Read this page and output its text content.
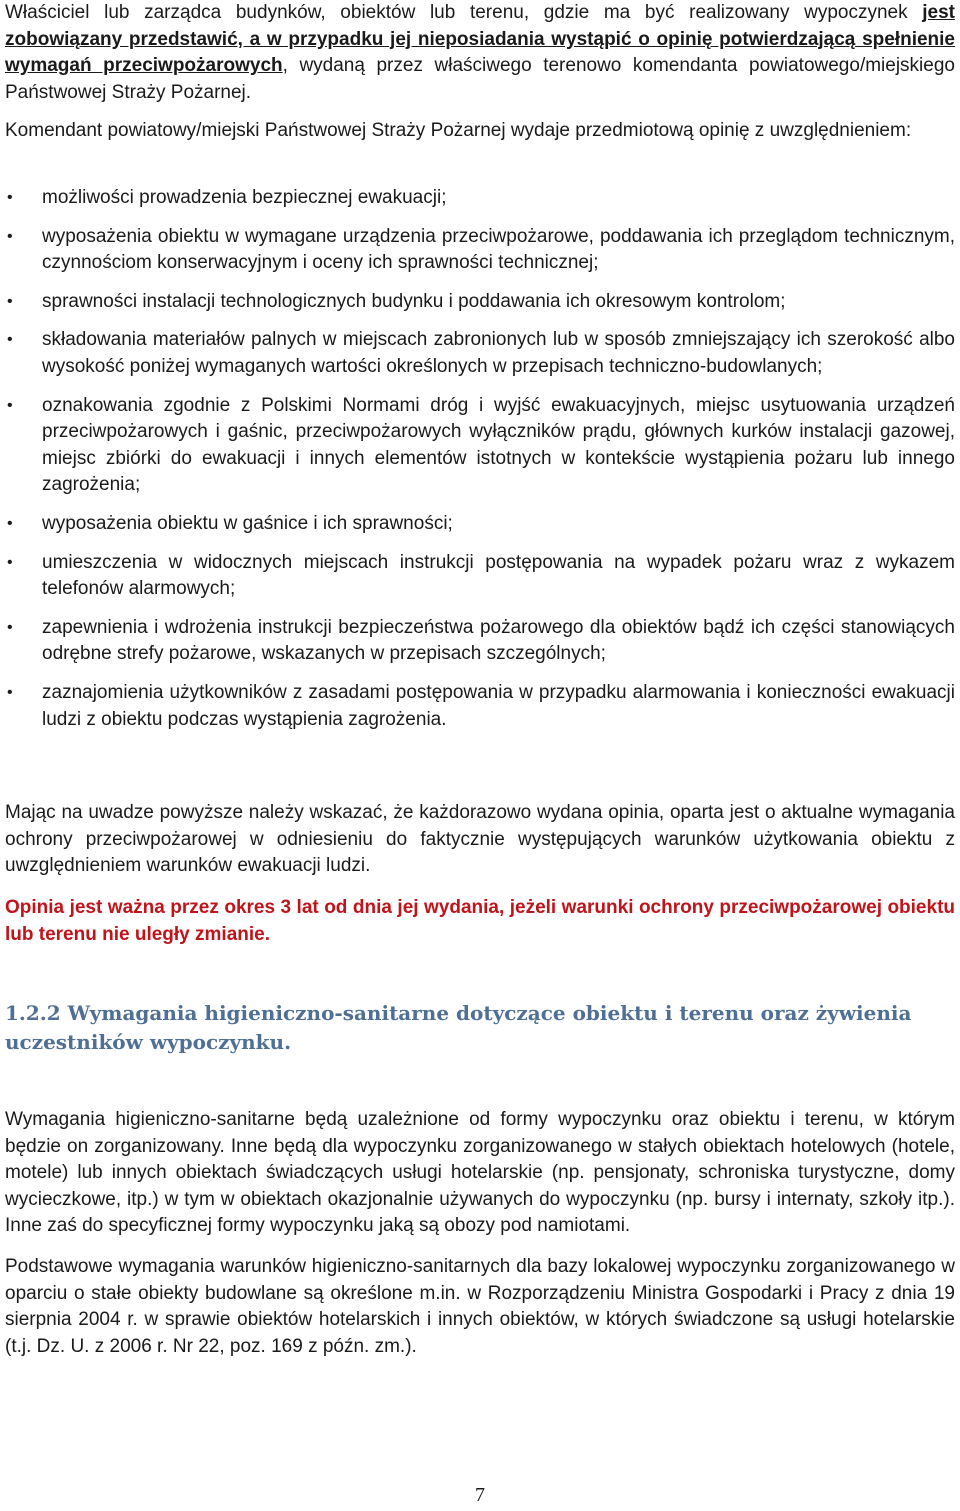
Właściciel lub zarządca budynków, obiektów lub terenu, gdzie ma być realizowany wypoczynek jest zobowiązany przedstawić, a w przypadku jej nieposiadania wystąpić o opinię potwierdzającą spełnienie wymagań przeciwpożarowych, wydaną przez właściwego terenowo komendanta powiatowego/miejskiego Państwowej Straży Pożarnej.

Komendant powiatowy/miejski Państwowej Straży Pożarnej wydaje przedmiotową opinię z uwzględnieniem:

• możliwości prowadzenia bezpiecznej ewakuacji;
• wyposażenia obiektu w wymagane urządzenia przeciwpożarowe, poddawania ich przeglądom technicznym, czynnościom konserwacyjnym i oceny ich sprawności technicznej;
• sprawności instalacji technologicznych budynku i poddawania ich okresowym kontrolom;
• składowania materiałów palnych w miejscach zabronionych lub w sposób zmniejszający ich szerokość albo wysokość poniżej wymaganych wartości określonych w przepisach techniczno-budowlanych;
• oznakowania zgodnie z Polskimi Normami dróg i wyjść ewakuacyjnych, miejsc usytuowania urządzeń przeciwpożarowych i gaśnic, przeciwpożarowych wyłączników prądu, głównych kurków instalacji gazowej, miejsc zbiórki do ewakuacji i innych elementów istotnych w kontekście wystąpienia pożaru lub innego zagrożenia;
• wyposażenia obiektu w gaśnice i ich sprawności;
• umieszczenia w widocznych miejscach instrukcji postępowania na wypadek pożaru wraz z wykazem telefonów alarmowych;
• zapewnienia i wdrożenia instrukcji bezpieczeństwa pożarowego dla obiektów bądź ich części stanowiących odrębne strefy pożarowe, wskazanych w przepisach szczególnych;
• zaznajomienia użytkowników z zasadami postępowania w przypadku alarmowania i konieczności ewakuacji ludzi z obiektu podczas wystąpienia zagrożenia.

Mając na uwadze powyższe należy wskazać, że każdorazowo wydana opinia, oparta jest o aktualne wymagania ochrony przeciwpożarowej w odniesieniu do faktycznie występujących warunków użytkowania obiektu z uwzględnieniem warunków ewakuacji ludzi.

Opinia jest ważna przez okres 3 lat od dnia jej wydania, jeżeli warunki ochrony przeciwpożarowej obiektu lub terenu nie uległy zmianie.

1.2.2 Wymagania higieniczno-sanitarne dotyczące obiektu i terenu oraz żywienia uczestników wypoczynku.

Wymagania higieniczno-sanitarne będą uzależnione od formy wypoczynku oraz obiektu i terenu, w którym będzie on zorganizowany. Inne będą dla wypoczynku zorganizowanego w stałych obiektach hotelowych (hotele, motele) lub innych obiektach świadczących usługi hotelarskie (np. pensjonaty, schroniska turystyczne, domy wycieczkowe, itp.) w tym w obiektach okazjonalnie używanych do wypoczynku (np. bursy i internaty, szkoły itp.). Inne zaś do specyficznej formy wypoczynku jaką są obozy pod namiotami.

Podstawowe wymagania warunków higieniczno-sanitarnych dla bazy lokalowej wypoczynku zorganizowanego w oparciu o stałe obiekty budowlane są określone m.in. w Rozporządzeniu Ministra Gospodarki i Pracy z dnia 19 sierpnia 2004 r. w sprawie obiektów hotelarskich i innych obiektów, w których świadczone są usługi hotelarskie (t.j. Dz. U. z 2006 r. Nr 22, poz. 169 z późn. zm.).

7
